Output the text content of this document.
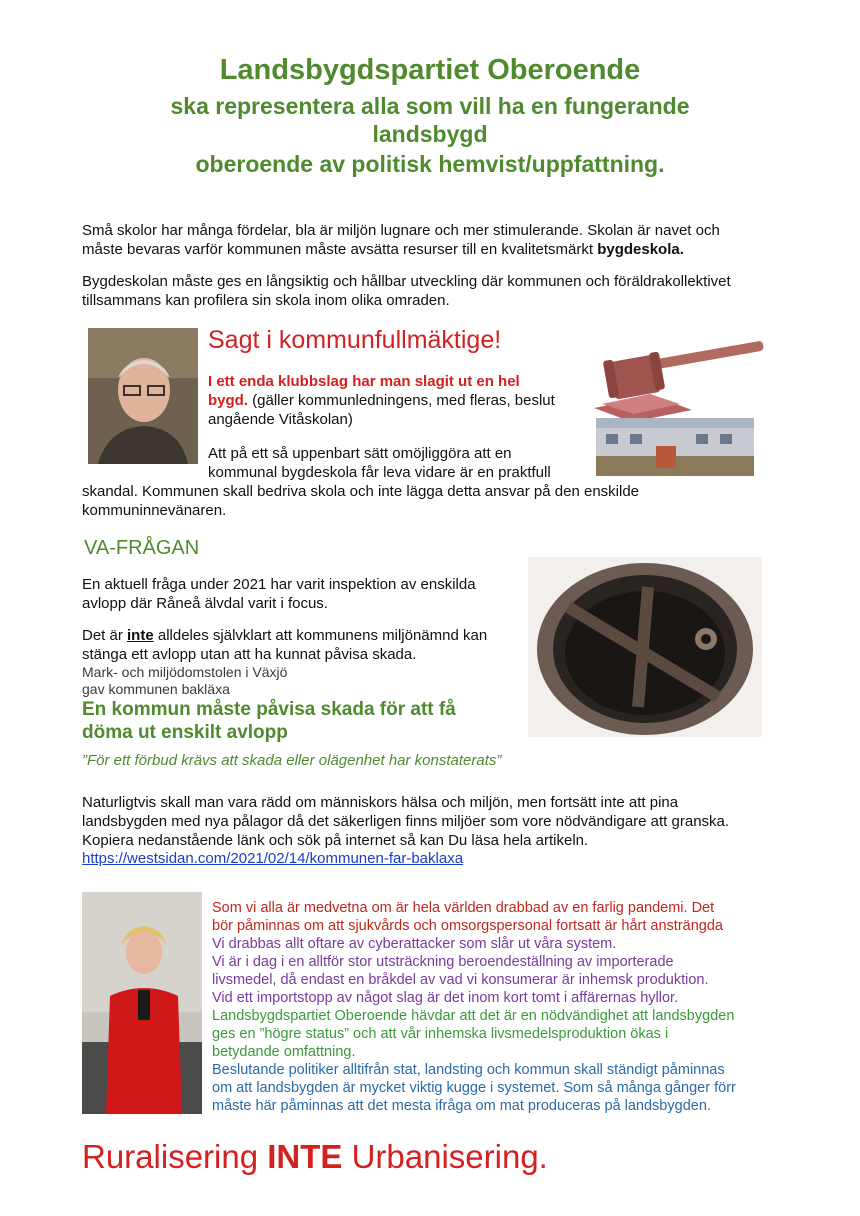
Landsbygdspartiet Oberoende
ska representera alla som vill ha en fungerande
landsbygd
oberoende av politisk hemvist/uppfattning.
Små skolor har många fördelar, bla är miljön lugnare och mer stimulerande. Skolan är navet och
måste bevaras varför kommunen måste avsätta resurser till en kvalitetsmärkt bygdeskola.
Bygdeskolan måste ges en långsiktig och hållbar utveckling där kommunen och föräldrakollektivet
tillsammans kan profilera sin skola inom olika omraden.
Sagt i kommunfullmäktige!
I ett enda klubbslag har man slagit ut en hel
bygd. (gäller kommunledningens, med fleras, beslut
angående Vitåskolan)
Att på ett så uppenbart sätt omöjliggöra att en
kommunal bygdeskola får leva vidare är en praktfull
skandal. Kommunen skall bedriva skola och inte lägga detta ansvar på den enskilde
kommuninnevänaren.
VA-FRÅGAN
En aktuell fråga under 2021 har varit inspektion av enskilda
avlopp där Råneå älvdal varit i focus.
Det är inte alldeles självklart att kommunens miljönämnd kan
stänga ett avlopp utan att ha kunnat påvisa skada.
Mark- och miljödomstolen i Växjö
gav kommunen bakläxa
En kommun måste påvisa skada för att få
döma ut enskilt avlopp
”För ett förbud krävs att skada eller olägenhet har konstaterats”
Naturligtvis skall man vara rädd om människors hälsa och miljön, men fortsätt inte att pina
landsbygden med nya pålagor då det säkerligen finns miljöer som vore nödvändigare att granska.
Kopiera nedanstående länk och sök på internet så kan Du läsa hela artikeln.
https://westsidan.com/2021/02/14/kommunen-far-baklaxa
Som vi alla är medvetna om är hela världen drabbad av en farlig pandemi. Det
bör påminnas om att sjukvårds och omsorgspersonal fortsatt är hårt ansträngda
Vi drabbas allt oftare av cyberattacker som slår ut våra system.
Vi är i dag i en alltför stor utsträckning beroendeställning av importerade
livsmedel, då endast en bråkdel av vad vi konsumerar är inhemsk produktion.
Vid ett importstopp av något slag är det inom kort tomt i affärernas hyllor.
Landsbygdspartiet Oberoende hävdar att det är en nödvändighet att landsbygden
ges en ”högre status” och att vår inhemska livsmedelsproduktion ökas i
betydande omfattning.
Beslutande politiker alltifrån stat, landsting och kommun skall ständigt påminnas
om att landsbygden är mycket viktig kugge i systemet. Som så många gånger förr
måste här påminnas att det mesta ifråga om mat produceras på landsbygden.
Ruralisering INTE Urbanisering.
